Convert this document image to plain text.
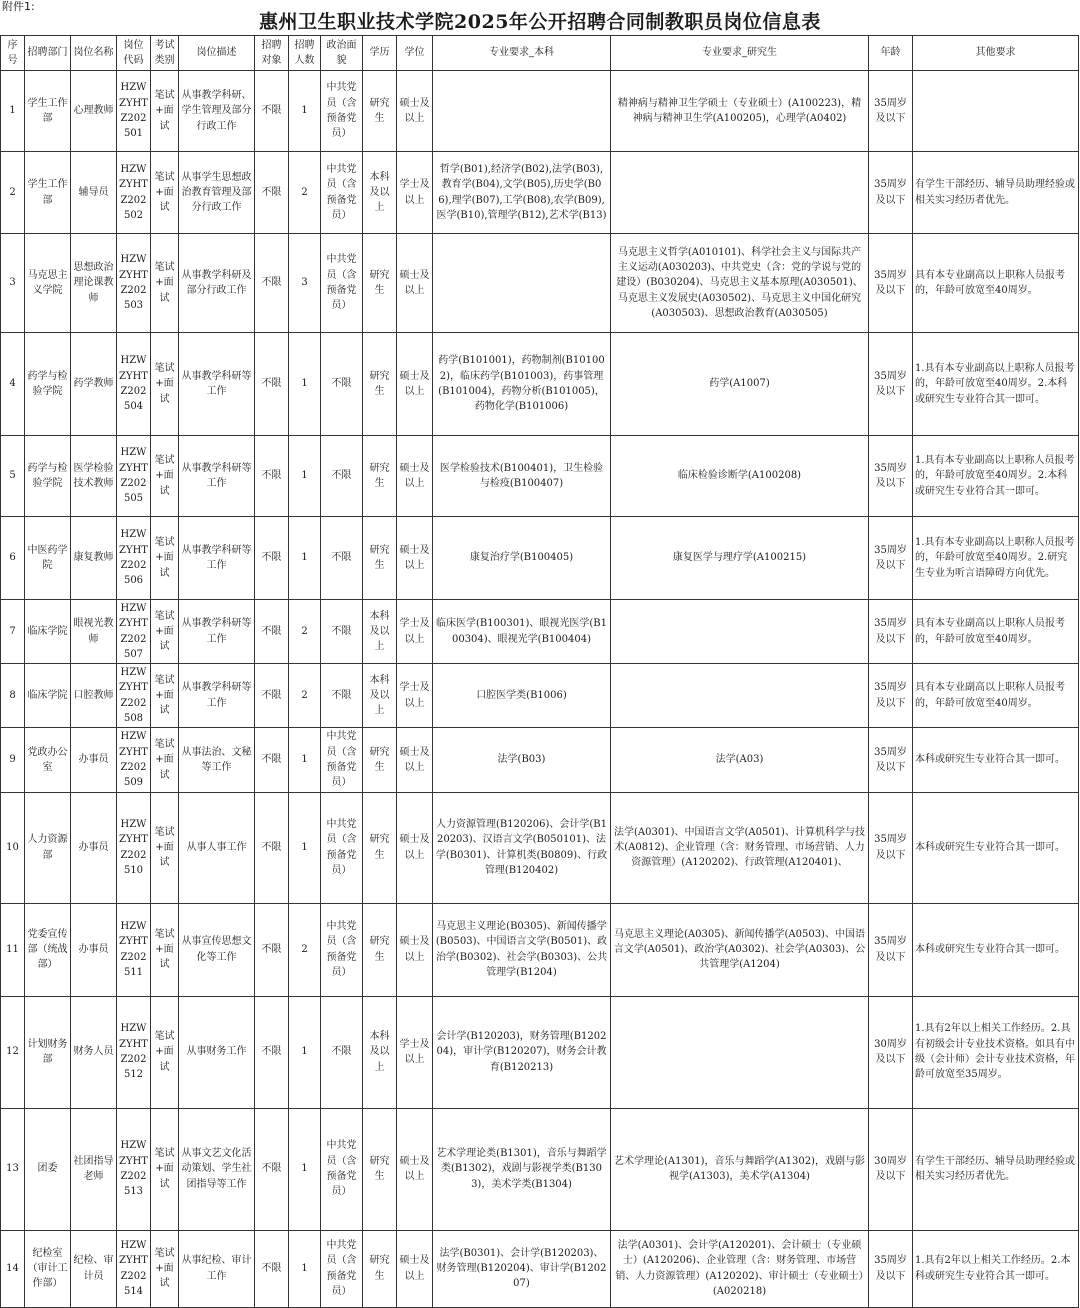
附件1:
惠州卫生职业技术学院2025年公开招聘合同制教职员岗位信息表
序号	招聘部门	岗位名称	岗位代码	考试类别	岗位描述	招聘对象	招聘人数	政治面貌	学历	学位	专业要求_本科	专业要求_研究生	年龄	其他要求
1	学生工作部	心理教师	HZWZYHTZ202501	笔试+面试	从事教学科研、学生管理及部分行政工作	不限	1	中共党员（含预备党员）	研究生	硕士及以上		精神病与精神卫生学硕士（专业硕士）(A100223)，精神病与精神卫生学(A100205)，心理学(A0402)	35周岁及以下	
2	学生工作部	辅导员	HZWZYHTZ202502	笔试+面试	从事学生思想政治教育管理及部分行政工作	不限	2	中共党员（含预备党员）	本科及以上	学士及以上	哲学(B01),经济学(B02),法学(B03),教育学(B04),文学(B05),历史学(B06),理学(B07),工学(B08),农学(B09),医学(B10),管理学(B12),艺术学(B13)		35周岁及以下	有学生干部经历、辅导员助理经验或相关实习经历者优先。
3	马克思主义学院	思想政治理论课教师	HZWZYHTZ202503	笔试+面试	从事教学科研及部分行政工作	不限	3	中共党员（含预备党员）	研究生	硕士及以上		马克思主义哲学(A010101)、科学社会主义与国际共产主义运动(A030203)、中共党史（含：党的学说与党的建设）(B030204)、马克思主义基本原理(A030501)、马克思主义发展史(A030502)、马克思主义中国化研究(A030503)、思想政治教育(A030505)	35周岁及以下	具有本专业副高以上职称人员报考的，年龄可放宽至40周岁。
4	药学与检验学院	药学教师	HZWZYHTZ202504	笔试+面试	从事教学科研等工作	不限	1	不限	研究生	硕士及以上	药学(B101001)，药物制剂(B101002)，临床药学(B101003)，药事管理(B101004)，药物分析(B101005)，药物化学(B101006)	药学(A1007)	35周岁及以下	1.具有本专业副高以上职称人员报考的，年龄可放宽至40周岁。2.本科或研究生专业符合其一即可。
5	药学与检验学院	医学检验技术教师	HZWZYHTZ202505	笔试+面试	从事教学科研等工作	不限	1	不限	研究生	硕士及以上	医学检验技术(B100401)，卫生检验与检疫(B100407)	临床检验诊断学(A100208)	35周岁及以下	1.具有本专业副高以上职称人员报考的，年龄可放宽至40周岁。2.本科或研究生专业符合其一即可。
6	中医药学院	康复教师	HZWZYHTZ202506	笔试+面试	从事教学科研等工作	不限	1	不限	研究生	硕士及以上	康复治疗学(B100405)	康复医学与理疗学(A100215)	35周岁及以下	1.具有本专业副高以上职称人员报考的，年龄可放宽至40周岁。2.研究生专业为听言语障碍方向优先。
7	临床学院	眼视光教师	HZWZYHTZ202507	笔试+面试	从事教学科研等工作	不限	2	不限	本科及以上	学士及以上	临床医学(B100301)、眼视光医学(B100304)、眼视光学(B100404)		35周岁及以下	具有本专业副高以上职称人员报考的，年龄可放宽至40周岁。
8	临床学院	口腔教师	HZWZYHTZ202508	笔试+面试	从事教学科研等工作	不限	2	不限	本科及以上	学士及以上	口腔医学类(B1006)		35周岁及以下	具有本专业副高以上职称人员报考的，年龄可放宽至40周岁。
9	党政办公室	办事员	HZWZYHTZ202509	笔试+面试	从事法治、文秘等工作	不限	1	中共党员（含预备党员）	研究生	硕士及以上	法学(B03)	法学(A03)	35周岁及以下	本科或研究生专业符合其一即可。
10	人力资源部	办事员	HZWZYHTZ202510	笔试+面试	从事人事工作	不限	1	中共党员（含预备党员）	研究生	硕士及以上	人力资源管理(B120206)、会计学(B120203)、汉语言文学(B050101)、法学(B0301)、计算机类(B0809)、行政管理(B120402)	法学(A0301)、中国语言文学(A0501)、计算机科学与技术(A0812)、企业管理（含：财务管理、市场营销、人力资源管理）(A120202)、行政管理(A120401)、	35周岁及以下	本科或研究生专业符合其一即可。
11	党委宣传部（统战部）	办事员	HZWZYHTZ202511	笔试+面试	从事宣传思想文化等工作	不限	2	中共党员（含预备党员）	研究生	硕士及以上	马克思主义理论(B0305)、新闻传播学(B0503)、中国语言文学(B0501)、政治学(B0302)、社会学(B0303)、公共管理学(B1204)	马克思主义理论(A0305)、新闻传播学(A0503)、中国语言文学(A0501)、政治学(A0302)、社会学(A0303)、公共管理学(A1204)	35周岁及以下	本科或研究生专业符合其一即可。
12	计划财务部	财务人员	HZWZYHTZ202512	笔试+面试	从事财务工作	不限	1	不限	本科及以上	学士及以上	会计学(B120203)，财务管理(B120204)，审计学(B120207)，财务会计教育(B120213)		30周岁及以下	1.具有2年以上相关工作经历。2.具有初级会计专业技术资格。如具有中级（会计师）会计专业技术资格，年龄可放宽至35周岁。
13	团委	社团指导老师	HZWZYHTZ202513	笔试+面试	从事文艺文化活动策划、学生社团指导等工作	不限	1	中共党员（含预备党员）	研究生	硕士及以上	艺术学理论类(B1301)，音乐与舞蹈学类(B1302)，戏剧与影视学类(B1303)，美术学类(B1304)	艺术学理论(A1301)，音乐与舞蹈学(A1302)，戏剧与影视学(A1303)，美术学(A1304)	30周岁及以下	有学生干部经历、辅导员助理经验或相关实习经历者优先。
14	纪检室（审计工作部）	纪检、审计员	HZWZYHTZ202514	笔试+面试	从事纪检、审计工作	不限	1	中共党员（含预备党员）	研究生	硕士及以上	法学(B0301)、会计学(B120203)、财务管理(B120204)、审计学(B120207)	法学(A0301)、会计学(A120201)、会计硕士（专业硕士）(A120206)、企业管理（含：财务管理、市场营销、人力资源管理）(A120202)、审计硕士（专业硕士）(A020218)	35周岁及以下	1.具有2年以上相关工作经历。2.本科或研究生专业符合其一即可。
